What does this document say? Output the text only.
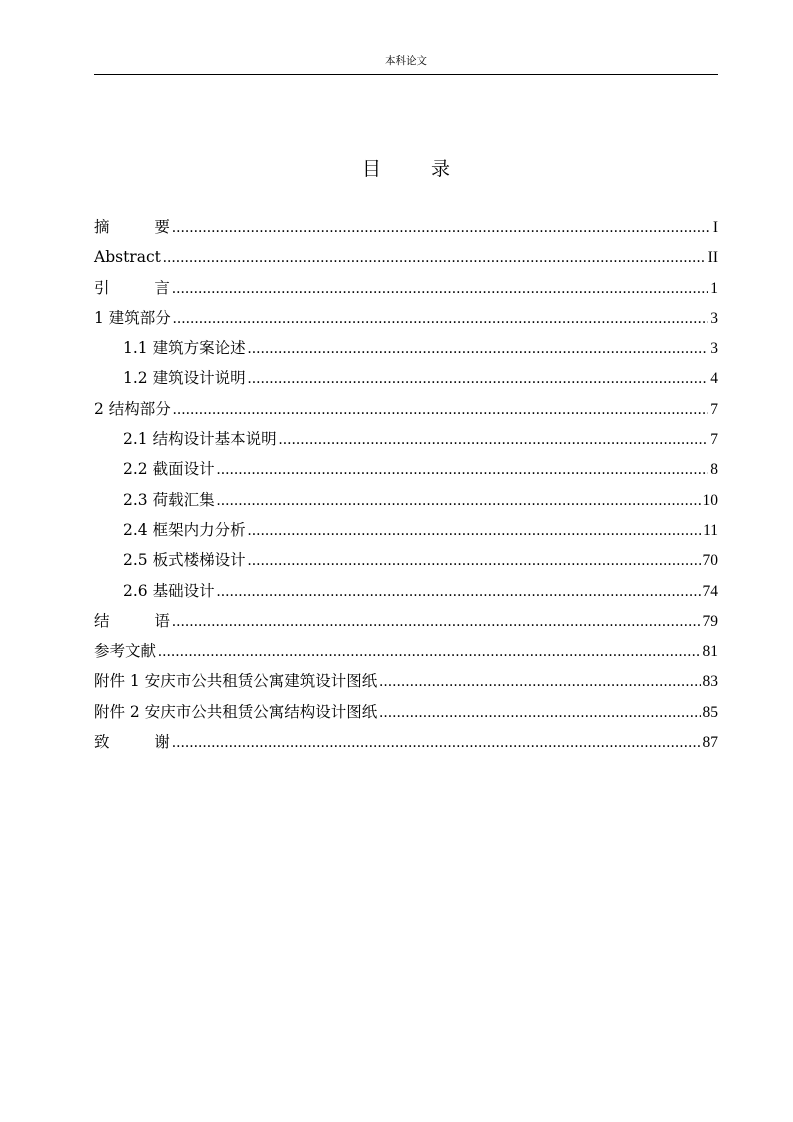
本科论文
目 录
摘 要 .....	I
Abstract .....	II
引 言 .....	1
1 建筑部分 .....	3
1.1 建筑方案论述 .....	3
1.2 建筑设计说明 .....	4
2 结构部分 .....	7
2.1 结构设计基本说明 .....	7
2.2 截面设计 .....	8
2.3 荷载汇集 .....	10
2.4 框架内力分析 .....	11
2.5 板式楼梯设计 .....	70
2.6 基础设计 .....	74
结 语 .....	79
参考文献 .....	81
附件 1 安庆市公共租赁公寓建筑设计图纸 .....	83
附件 2 安庆市公共租赁公寓结构设计图纸 .....	85
致 谢 .....	87
